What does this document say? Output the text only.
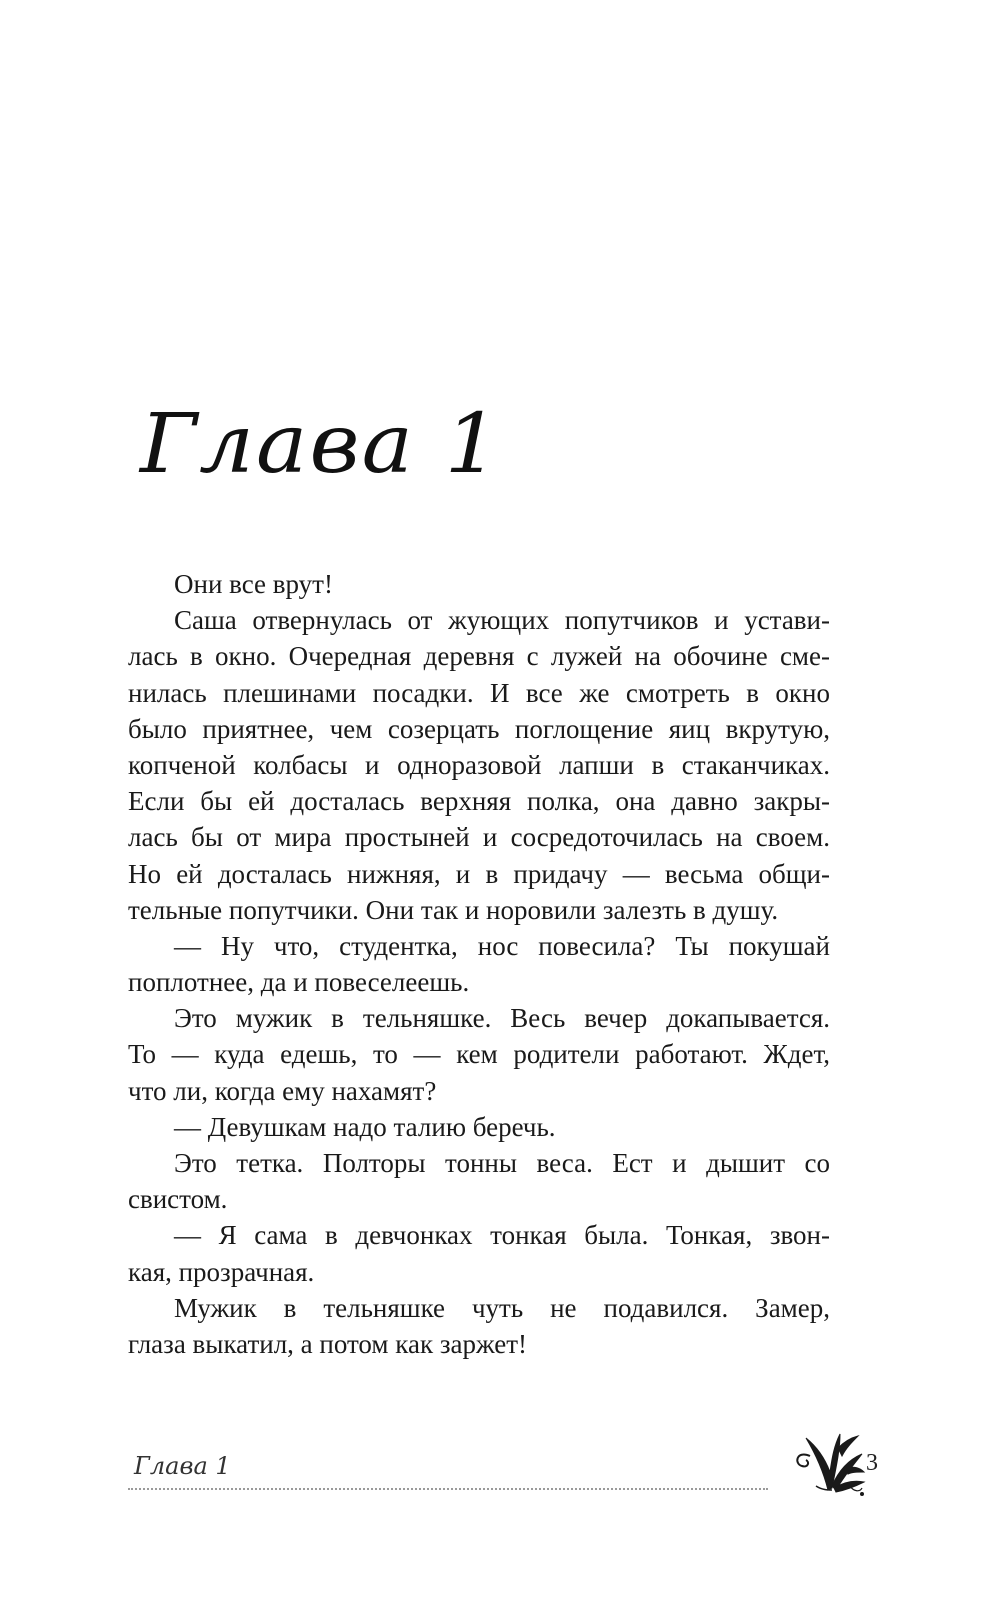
Глава 1
Они все врут!
Саша отвернулась от жующих попутчиков и устави-
лась в окно. Очередная деревня с лужей на обочине сме-
нилась плешинами посадки. И все же смотреть в окно
было приятнее, чем созерцать поглощение яиц вкрутую,
копченой колбасы и одноразовой лапши в стаканчиках.
Если бы ей досталась верхняя полка, она давно закры-
лась бы от мира простыней и сосредоточилась на своем.
Но ей досталась нижняя, и в придачу — весьма общи-
тельные попутчики. Они так и норовили залезть в душу.
— Ну что, студентка, нос повесила? Ты покушай
поплотнее, да и повеселеешь.
Это мужик в тельняшке. Весь вечер докапывается.
То — куда едешь, то — кем родители работают. Ждет,
что ли, когда ему нахамят?
— Девушкам надо талию беречь.
Это тетка. Полторы тонны веса. Ест и дышит со
свистом.
— Я сама в девчонках тонкая была. Тонкая, звон-
кая, прозрачная.
Мужик в тельняшке чуть не подавился. Замер,
глаза выкатил, а потом как заржет!
Глава 1	3
